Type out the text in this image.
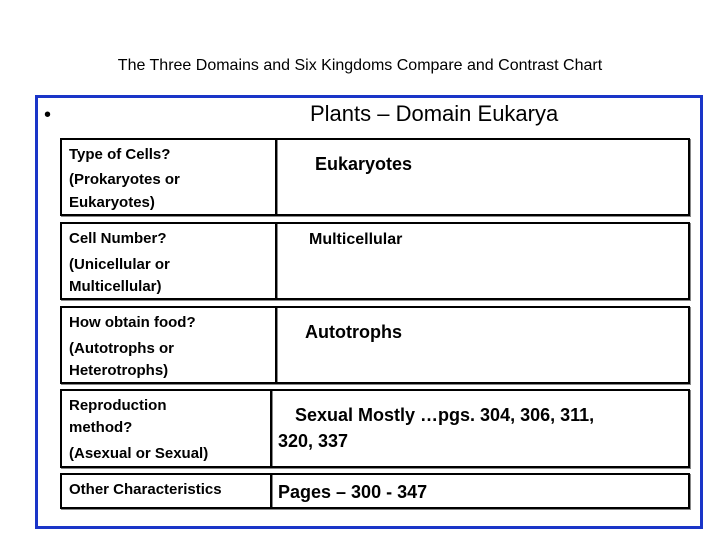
The Three Domains and Six Kingdoms Compare and Contrast Chart
•	Plants – Domain Eukarya
Type of Cells?
(Prokaryotes or
Eukaryotes)
Eukaryotes
Cell Number?
(Unicellular or
Multicellular)
Multicellular
How obtain food?
(Autotrophs or
Heterotrophs)
Autotrophs
Reproduction
method?
(Asexual or Sexual)
Sexual Mostly …pgs. 304, 306, 311,
320, 337
Other Characteristics	Pages – 300 - 347
